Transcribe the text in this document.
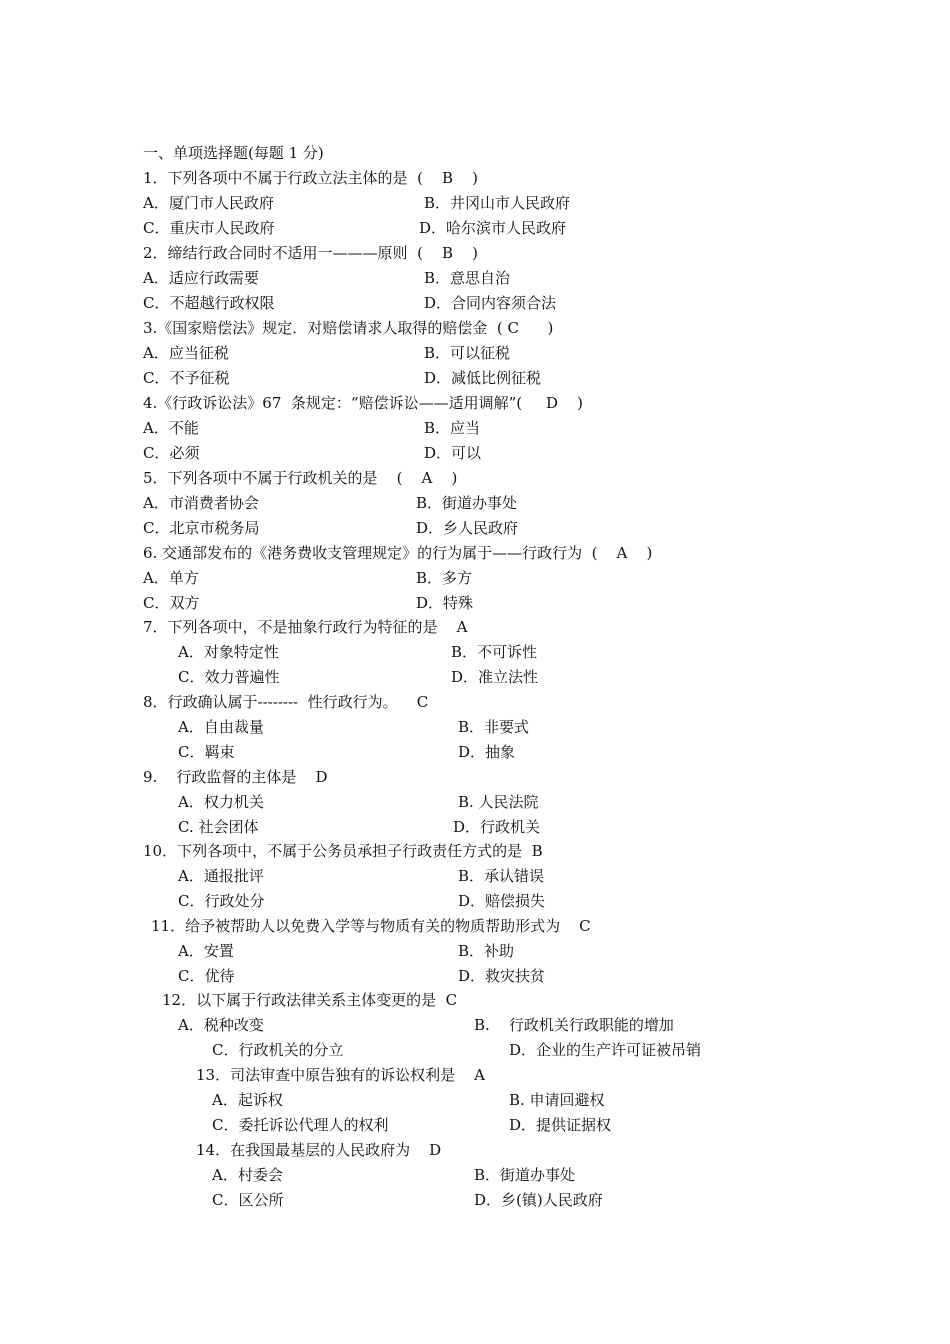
一、单项选择题(每题 1 分)
1．下列各项中不属于行政立法主体的是  (    B    )
A．厦门市人民政府	B．井冈山市人民政府
C．重庆市人民政府	D．哈尔滨市人民政府
2．缔结行政合同时不适用一———原则  (    B    )
A．适应行政需要	B．意思自治
C．不超越行政权限	D．合同内容须合法
3.《国家赔偿法》规定．对赔偿请求人取得的赔偿金  ( C      )
A．应当征税	B．可以征税
C．不予征税	D．减低比例征税
4.《行政诉讼法》67  条规定：“赔偿诉讼——适用调解”(     D    )
A．不能	B．应当
C．必须	D．可以
5．下列各项中不属于行政机关的是    (    A    )
A．市消费者协会	B．街道办事处
C．北京市税务局	D．乡人民政府
6. 交通部发布的《港务费收支管理规定》的行为属于——行政行为  (    A    )
A．单方	B．多方
C．双方	D．特殊
7．下列各项中，不是抽象行政行为特征的是    A
A．对象特定性	B．不可诉性
C．效力普遍性	D．准立法性
8．行政确认属于--------  性行政行为。    C
A．自由裁量	B．非要式
C．羁束	D．抽象
9.    行政监督的主体是    D
A．权力机关	B. 人民法院
C. 社会团体	D．行政机关
10．下列各项中，不属于公务员承担子行政责任方式的是  B
A．通报批评	B．承认错误
C．行政处分	D．赔偿损失
11．给予被帮助人以免费入学等与物质有关的物质帮助形式为    C
A．安置	B．补助
C．优待	D．救灾扶贫
12．以下属于行政法律关系主体变更的是  C
A．税种改变	B.    行政机关行政职能的增加
C．行政机关的分立	D．企业的生产许可证被吊销
13．司法审查中原告独有的诉讼权利是    A
A．起诉权	B. 申请回避权
C．委托诉讼代理人的权利	D．提供证据权
14．在我国最基层的人民政府为    D
A．村委会	B．街道办事处
C．区公所	D．乡(镇)人民政府
